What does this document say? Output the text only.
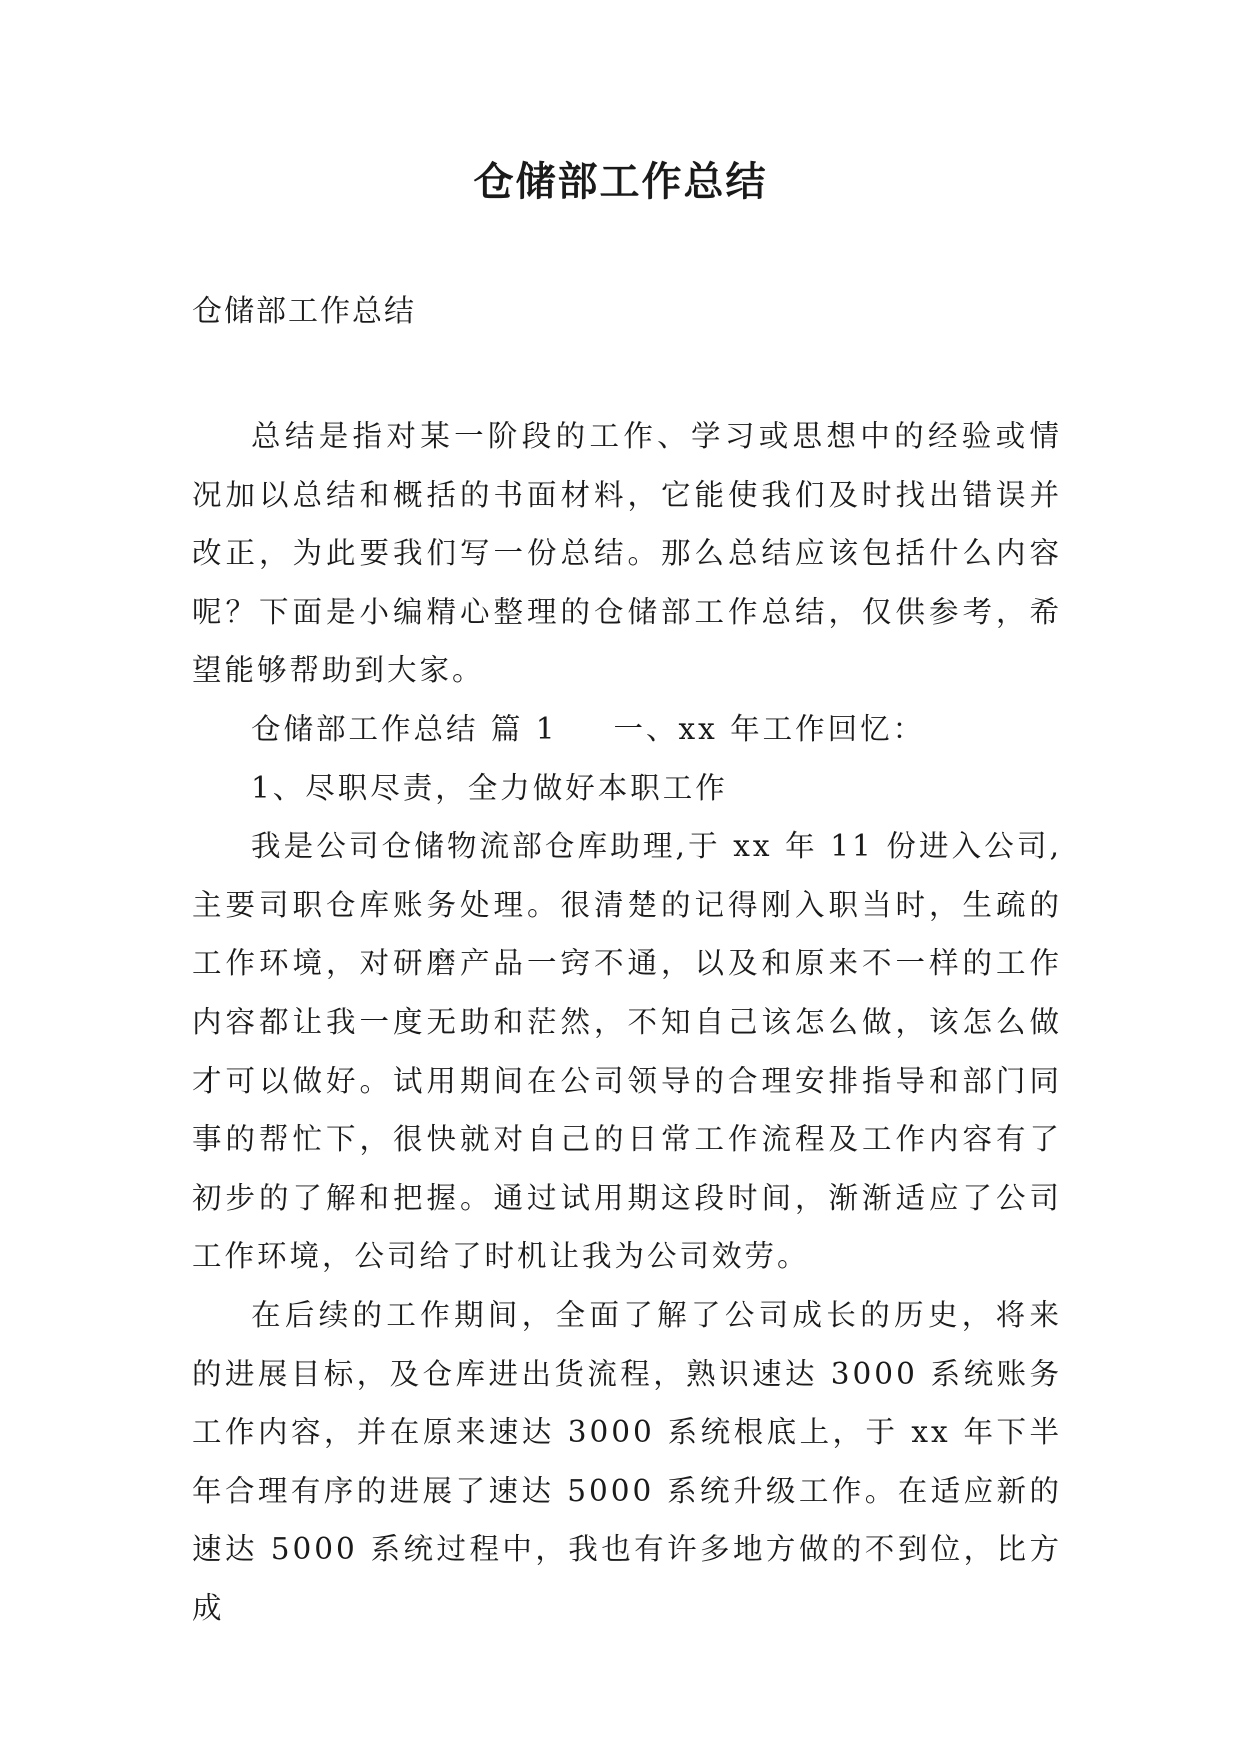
仓储部工作总结

仓储部工作总结

总结是指对某一阶段的工作、学习或思想中的经验或情况加以总结和概括的书面材料，它能使我们及时找出错误并改正，为此要我们写一份总结。那么总结应该包括什么内容呢？下面是小编精心整理的仓储部工作总结，仅供参考，希望能够帮助到大家。

仓储部工作总结 篇 1 一、xx 年工作回忆：

1、尽职尽责，全力做好本职工作

我是公司仓储物流部仓库助理,于 xx 年 11 份进入公司,主要司职仓库账务处理。很清楚的记得刚入职当时，生疏的工作环境，对研磨产品一窍不通，以及和原来不一样的工作内容都让我一度无助和茫然，不知自己该怎么做，该怎么做才可以做好。试用期间在公司领导的合理安排指导和部门同事的帮忙下，很快就对自己的日常工作流程及工作内容有了初步的了解和把握。通过试用期这段时间，渐渐适应了公司工作环境，公司给了时机让我为公司效劳。

在后续的工作期间，全面了解了公司成长的历史，将来的进展目标，及仓库进出货流程，熟识速达 3000 系统账务工作内容，并在原来速达 3000 系统根底上，于 xx 年下半年合理有序的进展了速达 5000 系统升级工作。在适应新的速达 5000 系统过程中，我也有许多地方做的不到位，比方成
